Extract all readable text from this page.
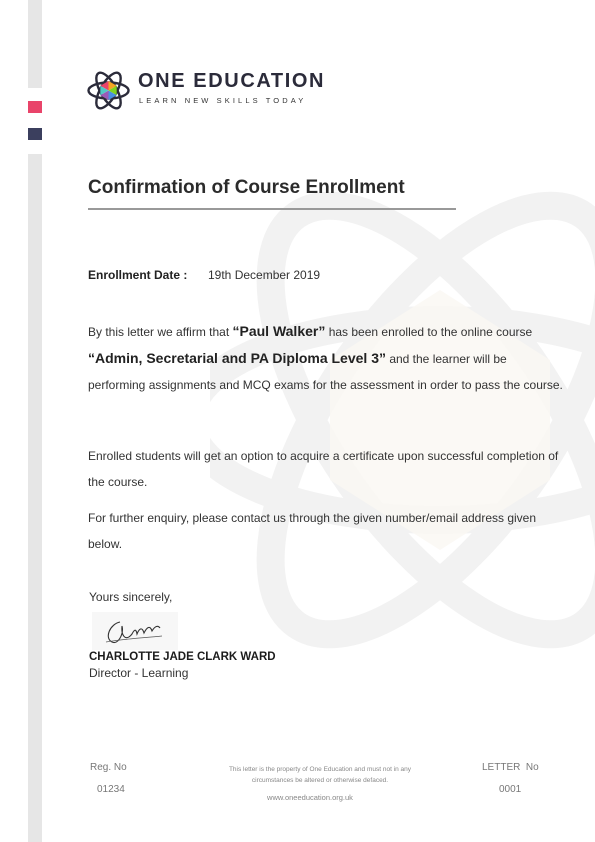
ONE EDUCATION
LEARN NEW SKILLS TODAY
Confirmation of Course Enrollment
Enrollment Date : 19th December 2019

By this letter we affirm that “Paul Walker” has been enrolled to the online course “Admin, Secretarial and PA Diploma Level 3” and the learner will be performing assignments and MCQ exams for the assessment in order to pass the course.

Enrolled students will get an option to acquire a certificate upon successful completion of the course.

For further enquiry, please contact us through the given number/email address given below.

Yours sincerely,
CHARLOTTE JADE CLARK WARD
Director - Learning
Reg. No
01234
This letter is the property of One Education and must not in any circumstances be altered or otherwise defaced.
www.oneeducation.org.uk
LETTER  No
0001
